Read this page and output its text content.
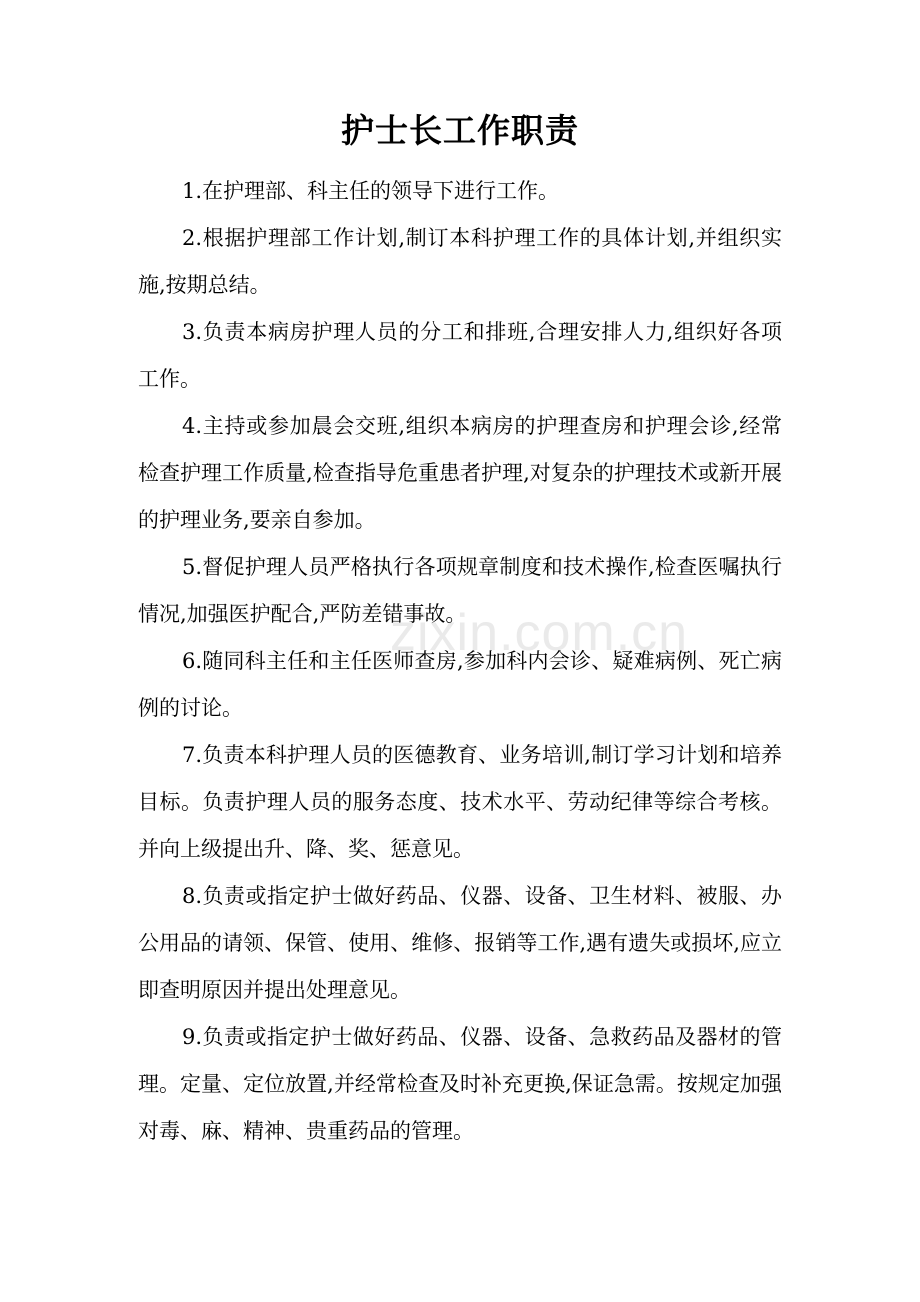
护士长工作职责

1.在护理部、科主任的领导下进行工作。

2.根据护理部工作计划,制订本科护理工作的具体计划,并组织实施,按期总结。

3.负责本病房护理人员的分工和排班,合理安排人力,组织好各项工作。

4.主持或参加晨会交班,组织本病房的护理查房和护理会诊,经常检查护理工作质量,检查指导危重患者护理,对复杂的护理技术或新开展的护理业务,要亲自参加。

5.督促护理人员严格执行各项规章制度和技术操作,检查医嘱执行情况,加强医护配合,严防差错事故。

6.随同科主任和主任医师查房,参加科内会诊、疑难病例、死亡病例的讨论。

7.负责本科护理人员的医德教育、业务培训,制订学习计划和培养目标。负责护理人员的服务态度、技术水平、劳动纪律等综合考核。并向上级提出升、降、奖、惩意见。

8.负责或指定护士做好药品、仪器、设备、卫生材料、被服、办公用品的请领、保管、使用、维修、报销等工作,遇有遗失或损坏,应立即查明原因并提出处理意见。

9.负责或指定护士做好药品、仪器、设备、急救药品及器材的管理。定量、定位放置,并经常检查及时补充更换,保证急需。按规定加强对毒、麻、精神、贵重药品的管理。

zixin.com.cn
